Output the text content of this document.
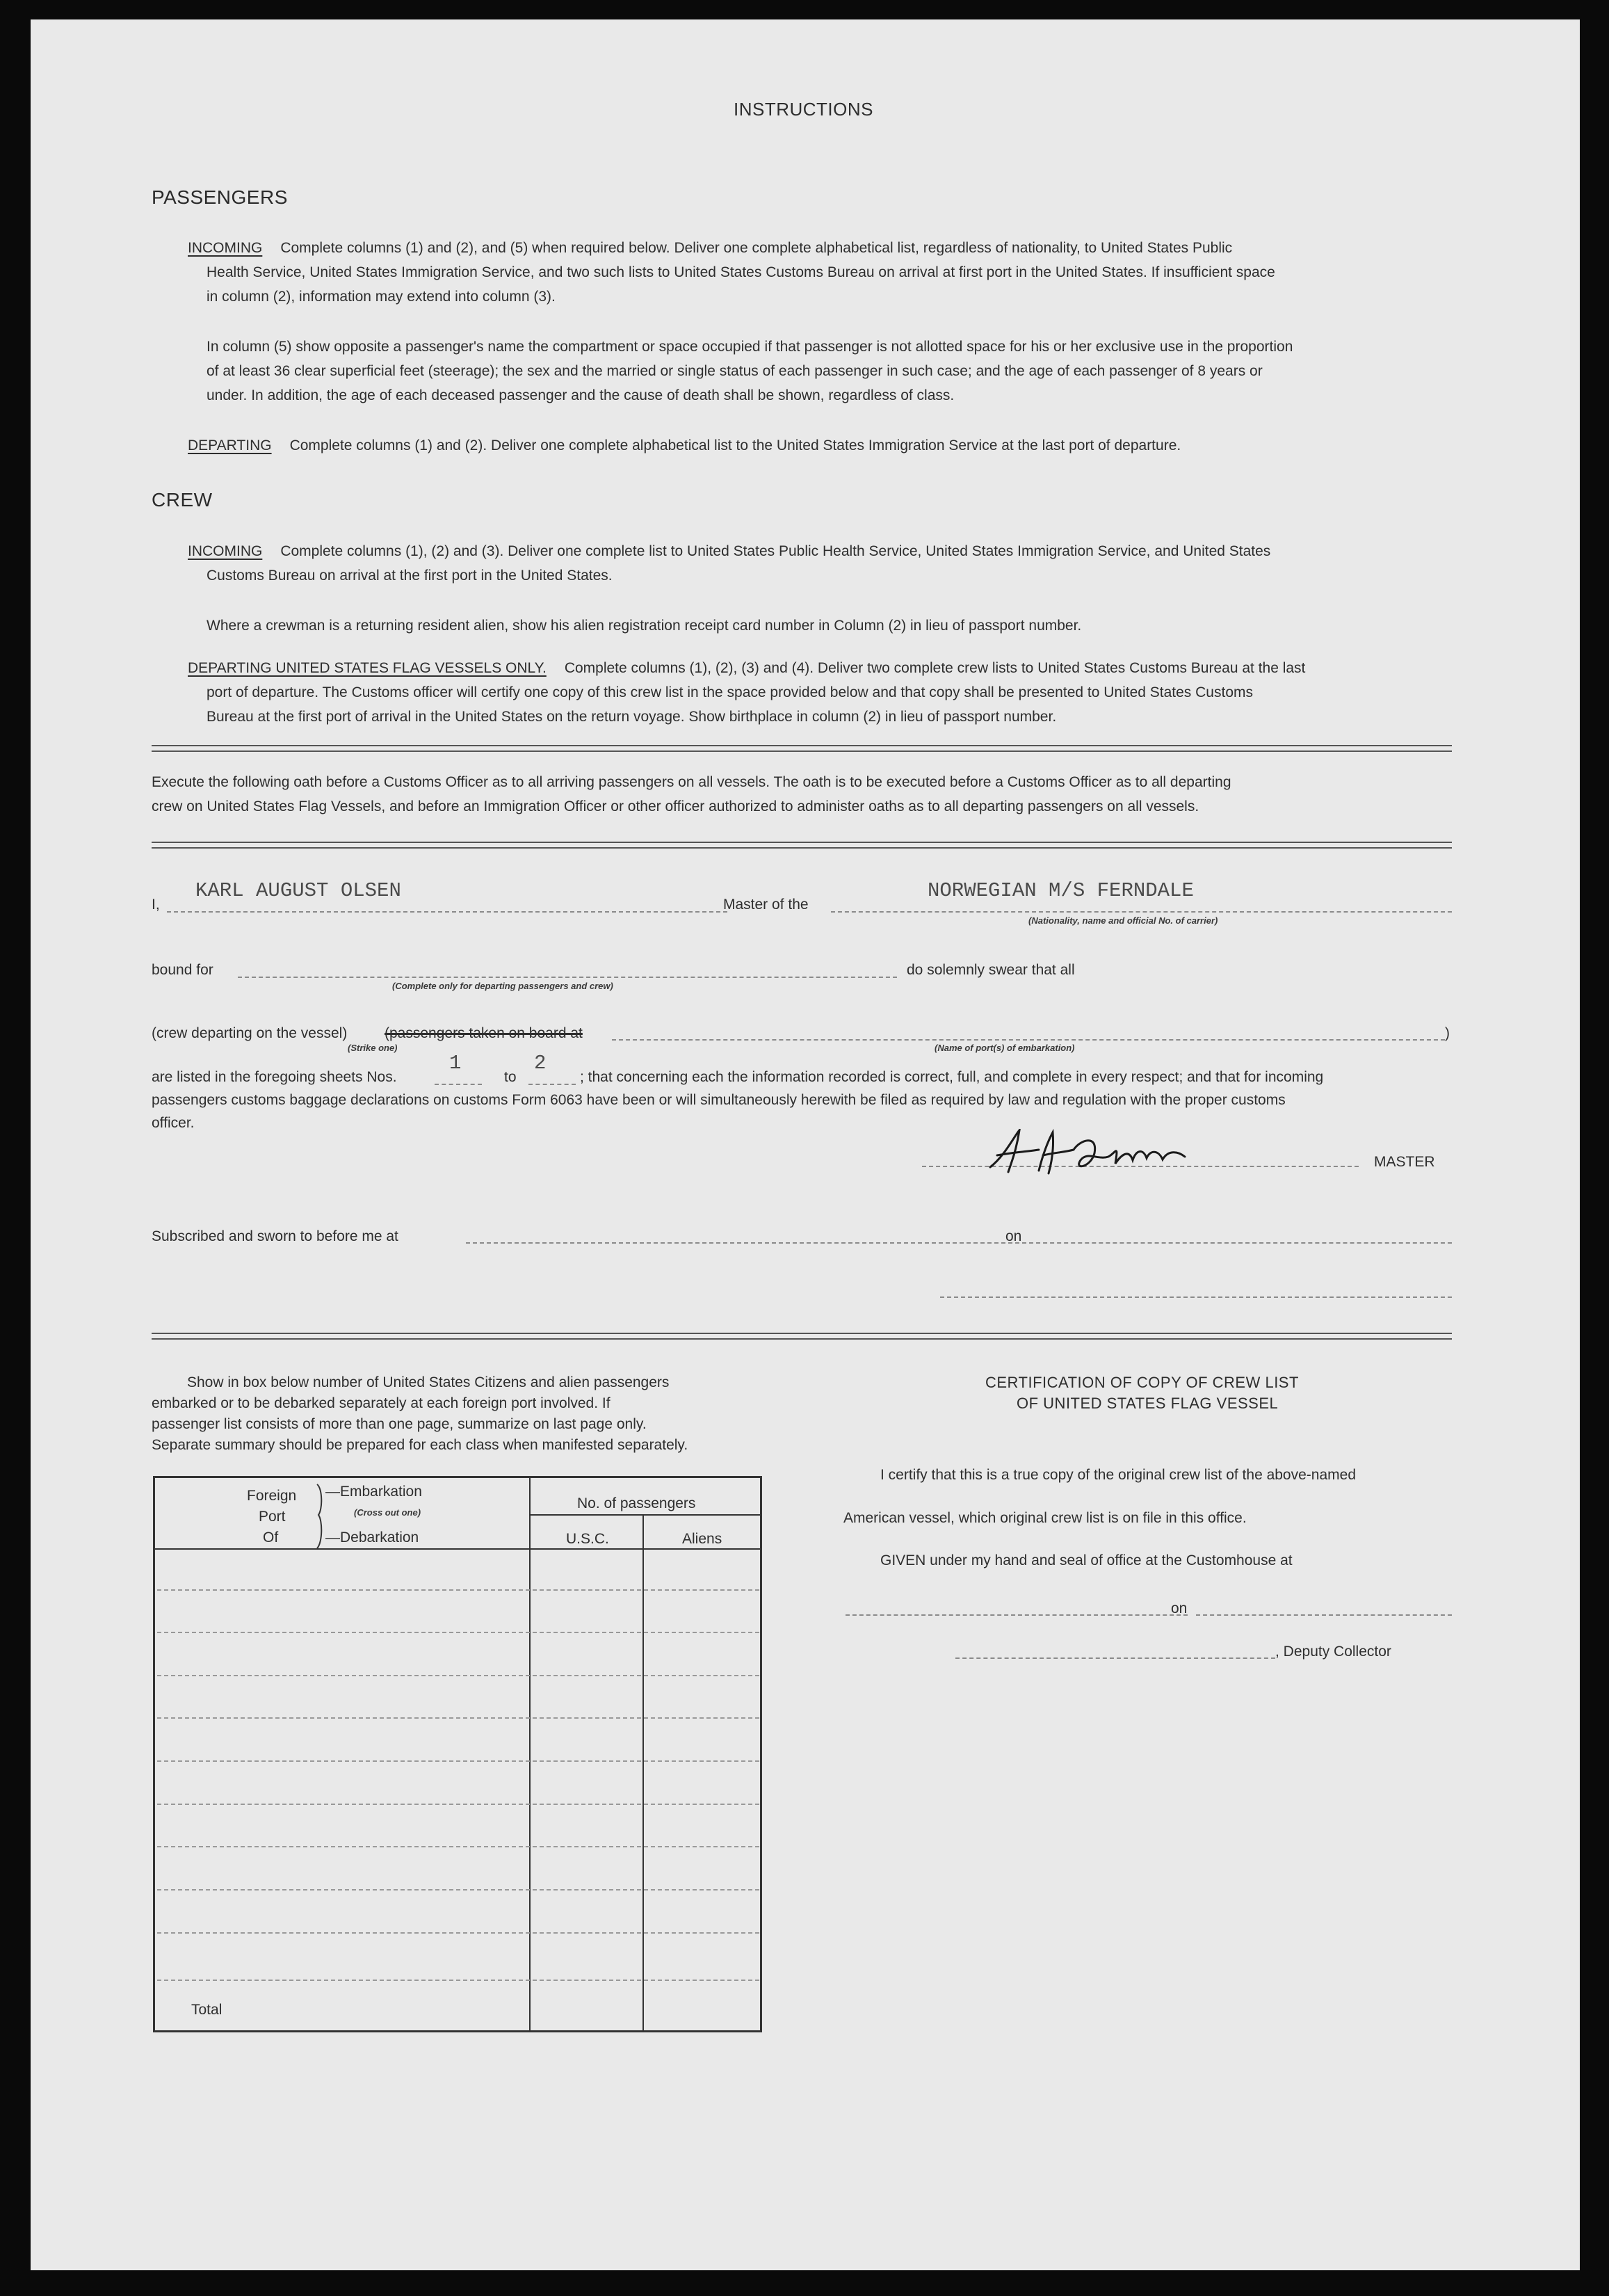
INSTRUCTIONS
PASSENGERS
INCOMING Complete columns (1) and (2), and (5) when required below. Deliver one complete alphabetical list, regardless of nationality, to United States Public
Health Service, United States Immigration Service, and two such lists to United States Customs Bureau on arrival at first port in the United States. If insufficient space
in column (2), information may extend into column (3).
In column (5) show opposite a passenger's name the compartment or space occupied if that passenger is not allotted space for his or her exclusive use in the proportion
of at least 36 clear superficial feet (steerage); the sex and the married or single status of each passenger in such case; and the age of each passenger of 8 years or
under. In addition, the age of each deceased passenger and the cause of death shall be shown, regardless of class.
DEPARTING Complete columns (1) and (2). Deliver one complete alphabetical list to the United States Immigration Service at the last port of departure.
CREW
INCOMING Complete columns (1), (2) and (3). Deliver one complete list to United States Public Health Service, United States Immigration Service, and United States
Customs Bureau on arrival at the first port in the United States.
Where a crewman is a returning resident alien, show his alien registration receipt card number in Column (2) in lieu of passport number.
DEPARTING UNITED STATES FLAG VESSELS ONLY. Complete columns (1), (2), (3) and (4). Deliver two complete crew lists to United States Customs Bureau at the last
port of departure. The Customs officer will certify one copy of this crew list in the space provided below and that copy shall be presented to United States Customs
Bureau at the first port of arrival in the United States on the return voyage. Show birthplace in column (2) in lieu of passport number.
Execute the following oath before a Customs Officer as to all arriving passengers on all vessels. The oath is to be executed before a Customs Officer as to all departing
crew on United States Flag Vessels, and before an Immigration Officer or other officer authorized to administer oaths as to all departing passengers on all vessels.
I,
KARL AUGUST OLSEN
Master of the
NORWEGIAN M/S FERNDALE
(Nationality, name and official No. of carrier)
bound for
(Complete only for departing passengers and crew)
do solemnly swear that all
(crew departing on the vessel)	(passengers taken on board at	)
(Strike one)	(Name of port(s) of embarkation)
are listed in the foregoing sheets Nos.
1
to
2
; that concerning each the information recorded is correct, full, and complete in every respect; and that for incoming
passengers customs baggage declarations on customs Form 6063 have been or will simultaneously herewith be filed as required by law and regulation with the proper customs
officer.
MASTER
Subscribed and sworn to before me at	on
Show in box below number of United States Citizens and alien passengers
embarked or to be debarked separately at each foreign port involved. If
passenger list consists of more than one page, summarize on last page only.
Separate summary should be prepared for each class when manifested separately.
Foreign
Port
Of
—Embarkation
(Cross out one)
—Debarkation
No. of passengers
U.S.C.	Aliens
Total
CERTIFICATION OF COPY OF CREW LIST
OF UNITED STATES FLAG VESSEL
I certify that this is a true copy of the original crew list of the above-named
American vessel, which original crew list is on file in this office.
GIVEN under my hand and seal of office at the Customhouse at
on
, Deputy Collector
